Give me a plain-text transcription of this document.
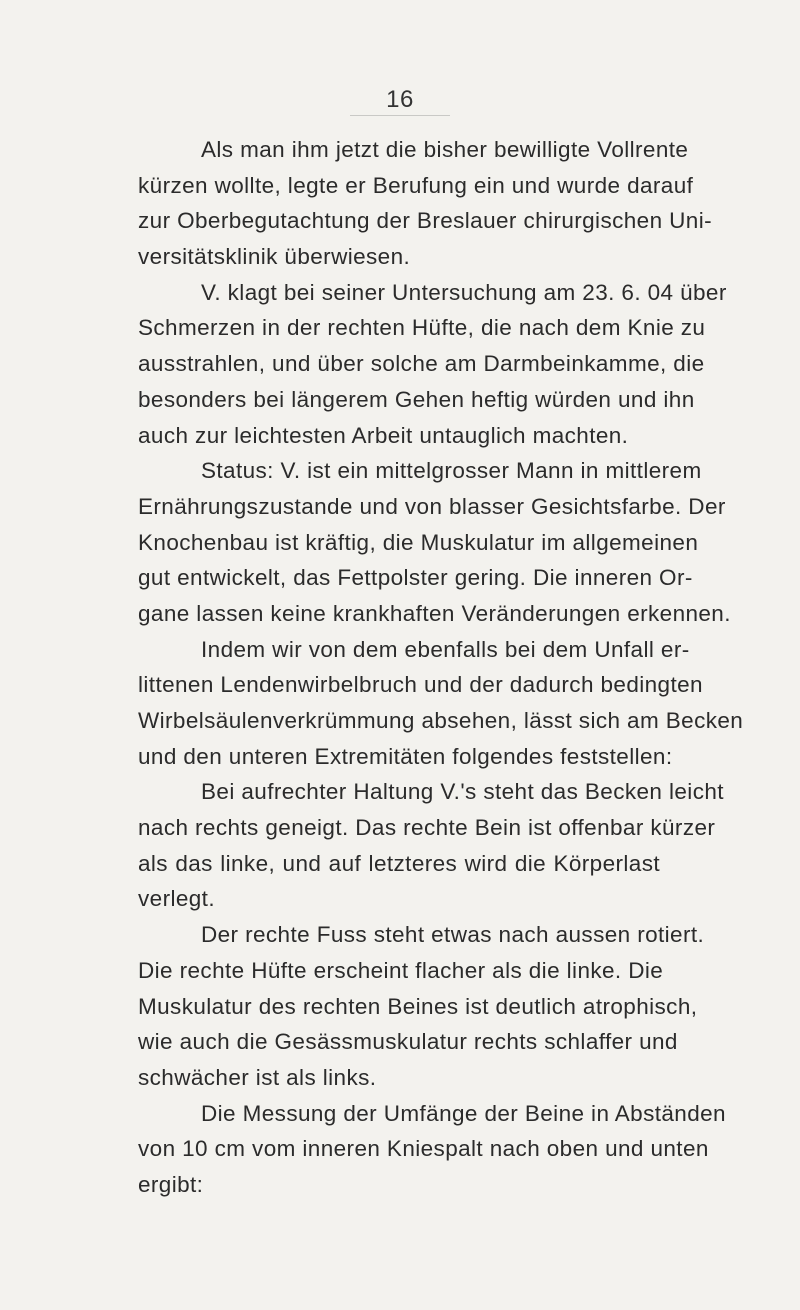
16
Als man ihm jetzt die bisher bewilligte Vollrente
kürzen wollte, legte er Berufung ein und wurde darauf
zur Oberbegutachtung der Breslauer chirurgischen Uni-
versitätsklinik überwiesen.
V. klagt bei seiner Untersuchung am 23. 6. 04 über
Schmerzen in der rechten Hüfte, die nach dem Knie zu
ausstrahlen, und über solche am Darmbeinkamme, die
besonders bei längerem Gehen heftig würden und ihn
auch zur leichtesten Arbeit untauglich machten.
Status: V. ist ein mittelgrosser Mann in mittlerem
Ernährungszustande und von blasser Gesichtsfarbe. Der
Knochenbau ist kräftig, die Muskulatur im allgemeinen
gut entwickelt, das Fettpolster gering. Die inneren Or-
gane lassen keine krankhaften Veränderungen erkennen.
Indem wir von dem ebenfalls bei dem Unfall er-
littenen Lendenwirbelbruch und der dadurch bedingten
Wirbelsäulenverkrümmung absehen, lässt sich am Becken
und den unteren Extremitäten folgendes feststellen:
Bei aufrechter Haltung V.'s steht das Becken leicht
nach rechts geneigt. Das rechte Bein ist offenbar kürzer
als das linke, und auf letzteres wird die Körperlast
verlegt.
Der rechte Fuss steht etwas nach aussen rotiert.
Die rechte Hüfte erscheint flacher als die linke. Die
Muskulatur des rechten Beines ist deutlich atrophisch,
wie auch die Gesässmuskulatur rechts schlaffer und
schwächer ist als links.
Die Messung der Umfänge der Beine in Abständen
von 10 cm vom inneren Kniespalt nach oben und unten
ergibt:
